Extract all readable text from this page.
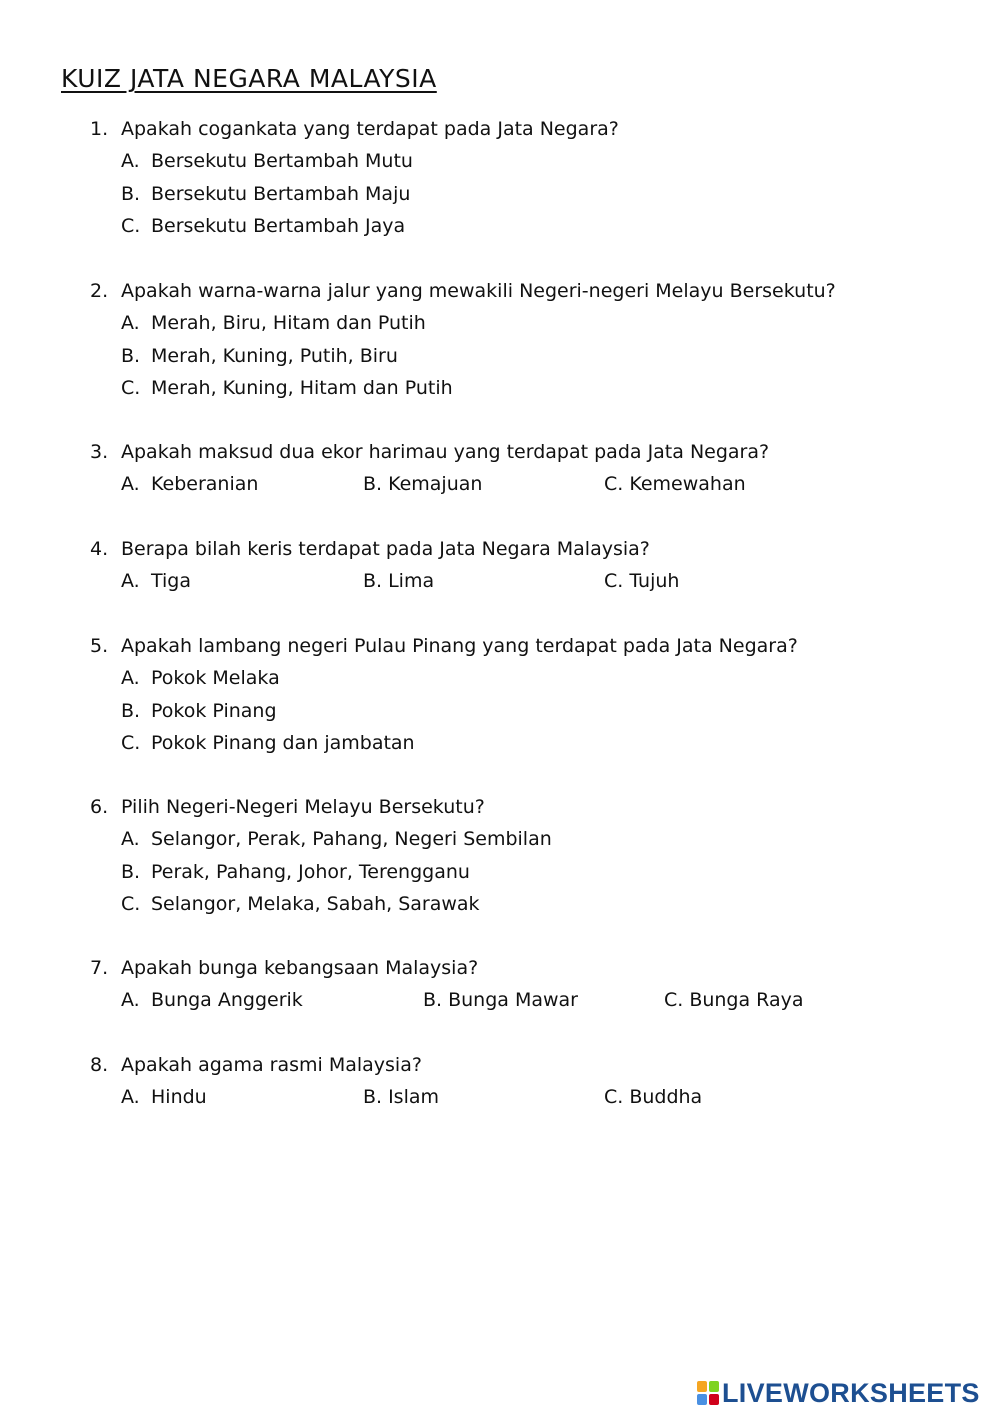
KUIZ JATA NEGARA MALAYSIA
1. Apakah cogankata yang terdapat pada Jata Negara?
A. Bersekutu Bertambah Mutu
B. Bersekutu Bertambah Maju
C. Bersekutu Bertambah Jaya
2. Apakah warna-warna jalur yang mewakili Negeri-negeri Melayu Bersekutu?
A. Merah, Biru, Hitam dan Putih
B. Merah, Kuning, Putih, Biru
C. Merah, Kuning, Hitam dan Putih
3. Apakah maksud dua ekor harimau yang terdapat pada Jata Negara?
A. Keberanian	B. Kemajuan	C. Kemewahan
4. Berapa bilah keris terdapat pada Jata Negara Malaysia?
A. Tiga	B. Lima	C. Tujuh
5. Apakah lambang negeri Pulau Pinang yang terdapat pada Jata Negara?
A. Pokok Melaka
B. Pokok Pinang
C. Pokok Pinang dan jambatan
6. Pilih Negeri-Negeri Melayu Bersekutu?
A. Selangor, Perak, Pahang, Negeri Sembilan
B. Perak, Pahang, Johor, Terengganu
C. Selangor, Melaka, Sabah, Sarawak
7. Apakah bunga kebangsaan Malaysia?
A. Bunga Anggerik	B. Bunga Mawar	C. Bunga Raya
8. Apakah agama rasmi Malaysia?
A. Hindu	B. Islam	C. Buddha
LIVEWORKSHEETS
